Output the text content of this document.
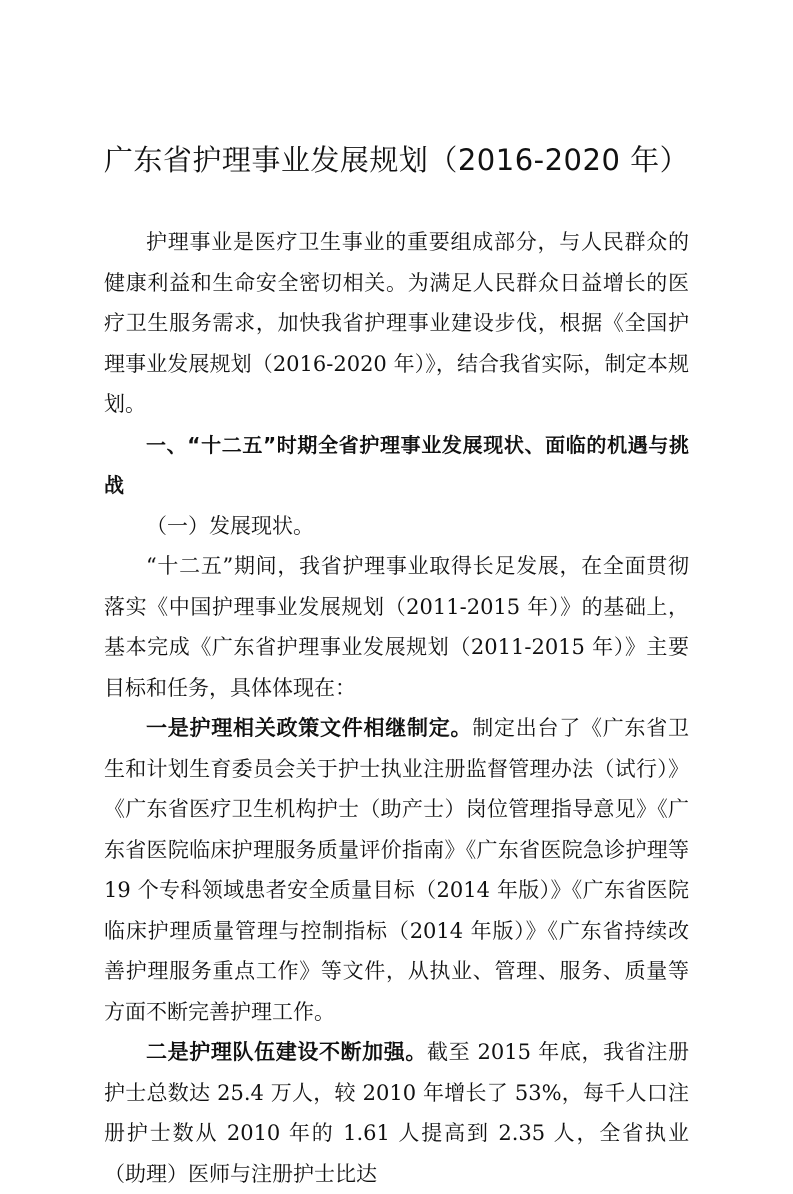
广东省护理事业发展规划（2016-2020 年）

护理事业是医疗卫生事业的重要组成部分，与人民群众的健康利益和生命安全密切相关。为满足人民群众日益增长的医疗卫生服务需求，加快我省护理事业建设步伐，根据《全国护理事业发展规划（2016-2020 年）》，结合我省实际，制定本规划。

一、“十二五”时期全省护理事业发展现状、面临的机遇与挑战

（一）发展现状。

“十二五”期间，我省护理事业取得长足发展，在全面贯彻落实《中国护理事业发展规划（2011-2015 年）》的基础上，基本完成《广东省护理事业发展规划（2011-2015 年）》主要目标和任务，具体体现在：

一是护理相关政策文件相继制定。制定出台了《广东省卫生和计划生育委员会关于护士执业注册监督管理办法（试行）》《广东省医疗卫生机构护士（助产士）岗位管理指导意见》《广东省医院临床护理服务质量评价指南》《广东省医院急诊护理等 19 个专科领域患者安全质量目标（2014 年版）》《广东省医院临床护理质量管理与控制指标（2014 年版）》《广东省持续改善护理服务重点工作》等文件，从执业、管理、服务、质量等方面不断完善护理工作。

二是护理队伍建设不断加强。截至 2015 年底，我省注册护士总数达 25.4 万人，较 2010 年增长了 53%，每千人口注册护士数从 2010 年的 1.61 人提高到 2.35 人，全省执业（助理）医师与注册护士比达
